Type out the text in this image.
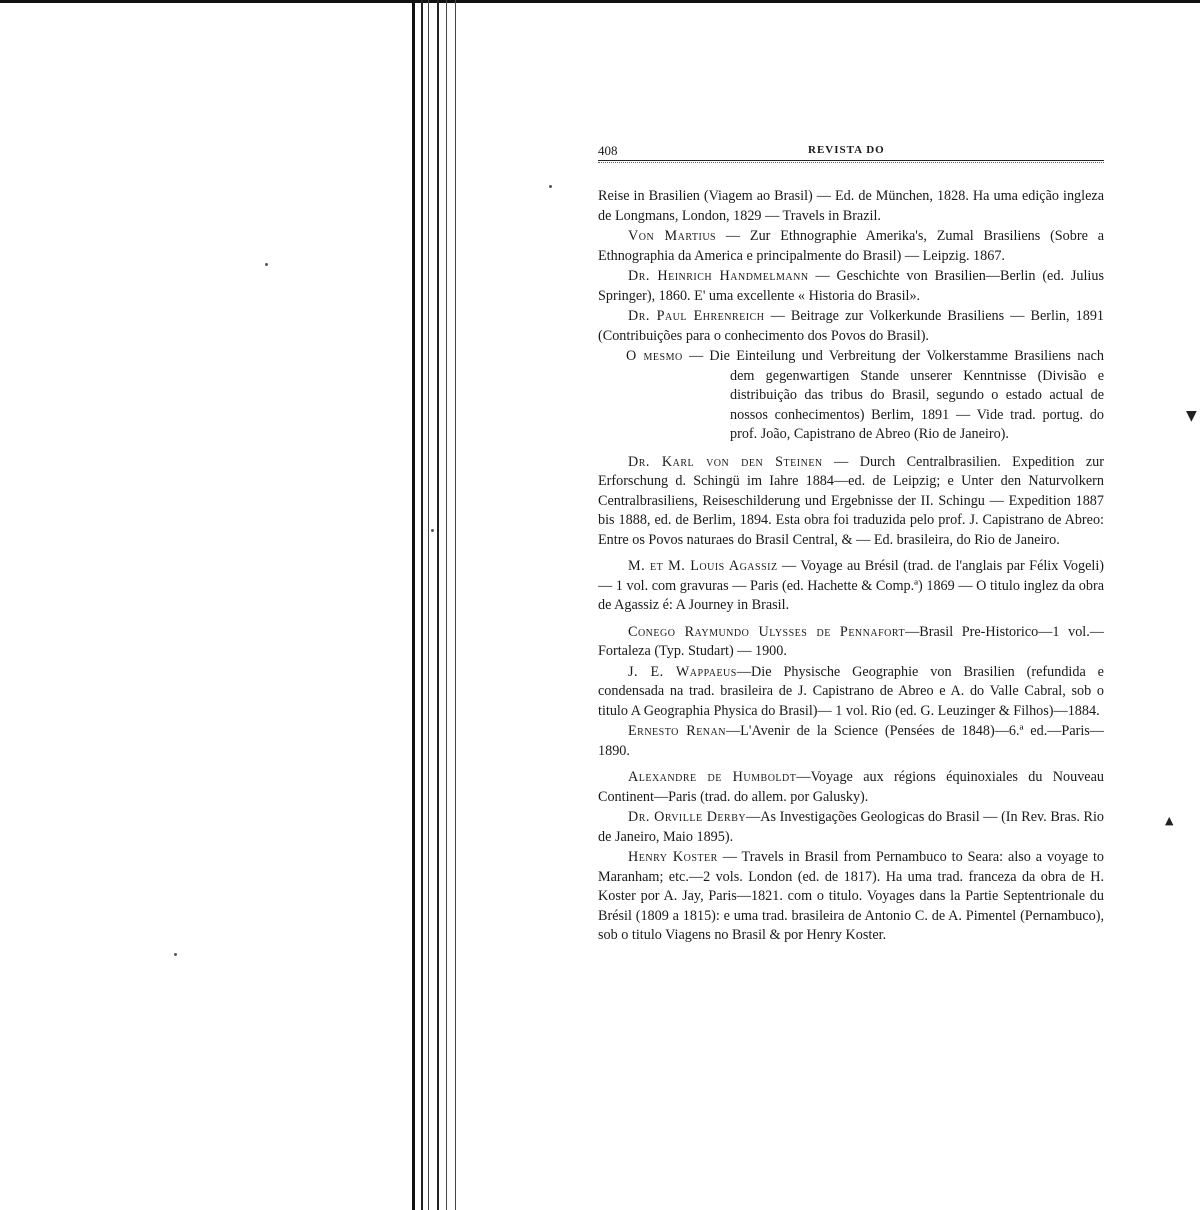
▼
▲
408	REVISTA DO

Reise in Brasilien (Viagem ao Brasil) — Ed. de München, 1828. Ha uma edição ingleza de Longmans, London, 1829 — Travels in Brazil.

Von Martius — Zur Ethnographie Amerika's, Zumal Brasiliens (Sobre a Ethnographia da America e principalmente do Brasil) — Leipzig. 1867.

Dr. Heinrich Handmelmann — Geschichte von Brasilien—Berlin (ed. Julius Springer), 1860. E' uma excellente « Historia do Brasil».

Dr. Paul Ehrenreich — Beitrage zur Volkerkunde Brasiliens — Berlin, 1891 (Contribuições para o conhecimento dos Povos do Brasil).

O mesmo — Die Einteilung und Verbreitung der Volkerstamme Brasiliens nach dem gegenwartigen Stande unserer Kenntnisse (Divisão e distribuição das tribus do Brasil, segundo o estado actual de nossos conhecimentos) Berlim, 1891 — Vide trad. portug. do prof. João, Capistrano de Abreo (Rio de Janeiro).

Dr. Karl von den Steinen — Durch Centralbrasilien. Expedition zur Erforschung d. Schingü im Iahre 1884—ed. de Leipzig; e Unter den Naturvolkern Centralbrasiliens, Reiseschilderung und Ergebnisse der II. Schingu — Expedition 1887 bis 1888, ed. de Berlim, 1894. Esta obra foi traduzida pelo prof. J. Capistrano de Abreo: Entre os Povos naturaes do Brasil Central, & — Ed. brasileira, do Rio de Janeiro.

M. et M. Louis Agassiz — Voyage au Brésil (trad. de l'anglais par Félix Vogeli) — 1 vol. com gravuras — Paris (ed. Hachette & Comp.ª) 1869 — O titulo inglez da obra de Agassiz é: A Journey in Brasil.

Conego Raymundo Ulysses de Pennafort—Brasil Pre-Historico—1 vol.— Fortaleza (Typ. Studart) — 1900.

J. E. Wappaeus—Die Physische Geographie von Brasilien (refundida e condensada na trad. brasileira de J. Capistrano de Abreo e A. do Valle Cabral, sob o titulo A Geographia Physica do Brasil)— 1 vol. Rio (ed. G. Leuzinger & Filhos)—1884.

Ernesto Renan—L'Avenir de la Science (Pensées de 1848)—6.ª ed.—Paris—1890.

Alexandre de Humboldt—Voyage aux régions équinoxiales du Nouveau Continent—Paris (trad. do allem. por Galusky).

Dr. Orville Derby—As Investigações Geologicas do Brasil — (In Rev. Bras. Rio de Janeiro, Maio 1895).

Henry Koster — Travels in Brasil from Pernambuco to Seara: also a voyage to Maranham; etc.—2 vols. London (ed. de 1817). Ha uma trad. franceza da obra de H. Koster por A. Jay, Paris—1821. com o titulo. Voyages dans la Partie Septentrionale du Brésil (1809 a 1815): e uma trad. brasileira de Antonio C. de A. Pimentel (Pernambuco), sob o titulo Viagens no Brasil & por Henry Koster.
